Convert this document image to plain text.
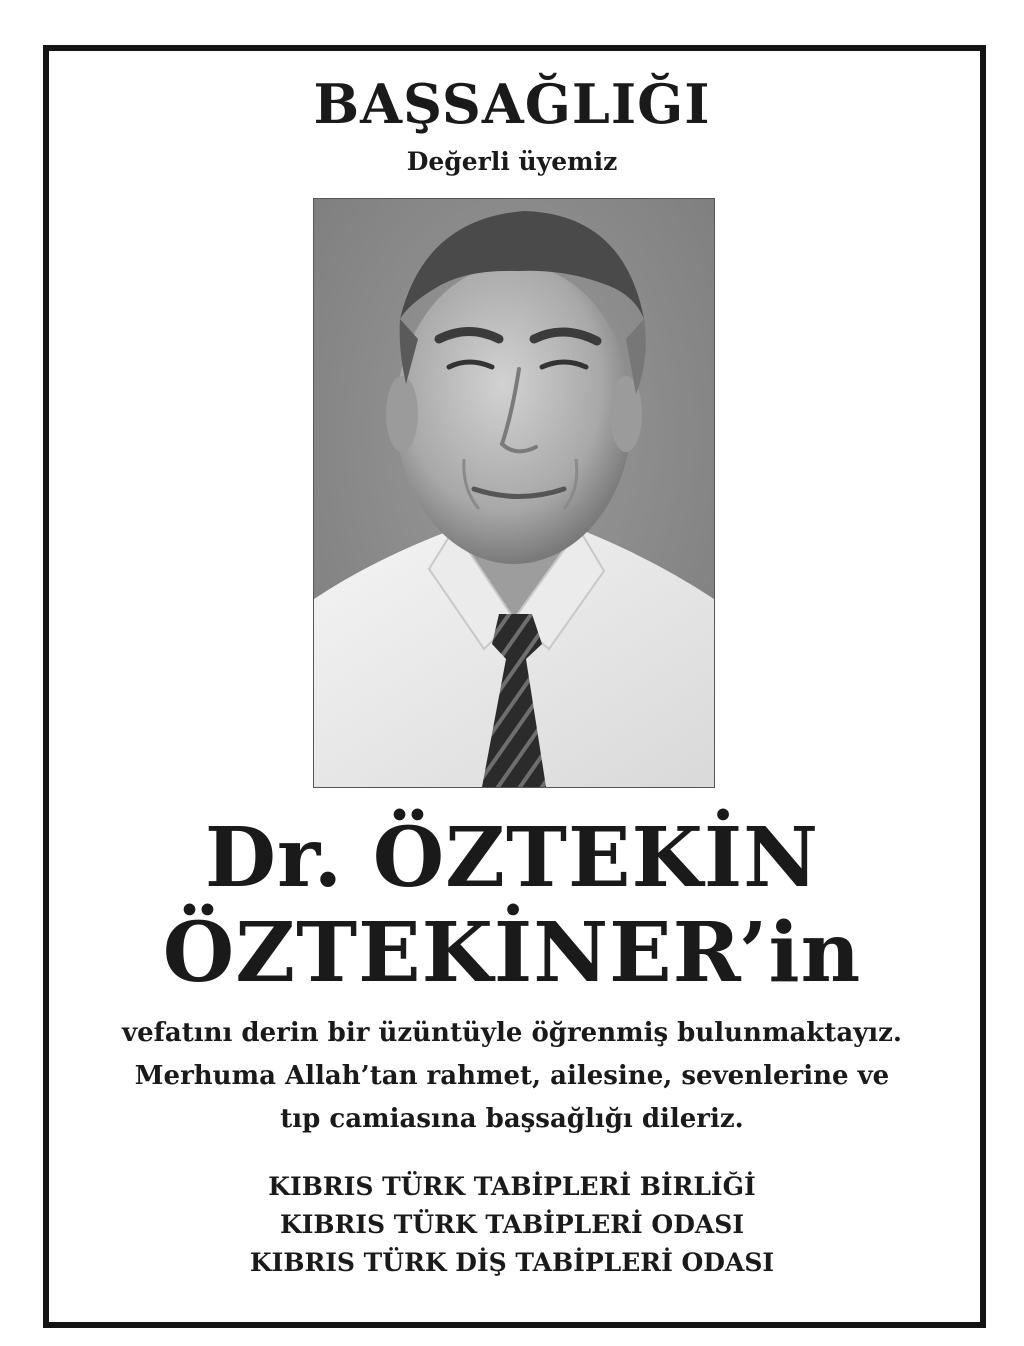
BAŞSAĞLIĞI
Değerli üyemiz
Dr. ÖZTEKİN
ÖZTEKİNER’in
vefatını derin bir üzüntüyle öğrenmiş bulunmaktayız.
Merhuma Allah’tan rahmet, ailesine, sevenlerine ve
tıp camiasına başsağlığı dileriz.
KIBRIS TÜRK TABİPLERİ BİRLİĞİ
KIBRIS TÜRK TABİPLERİ ODASI
KIBRIS TÜRK DİŞ TABİPLERİ ODASI
